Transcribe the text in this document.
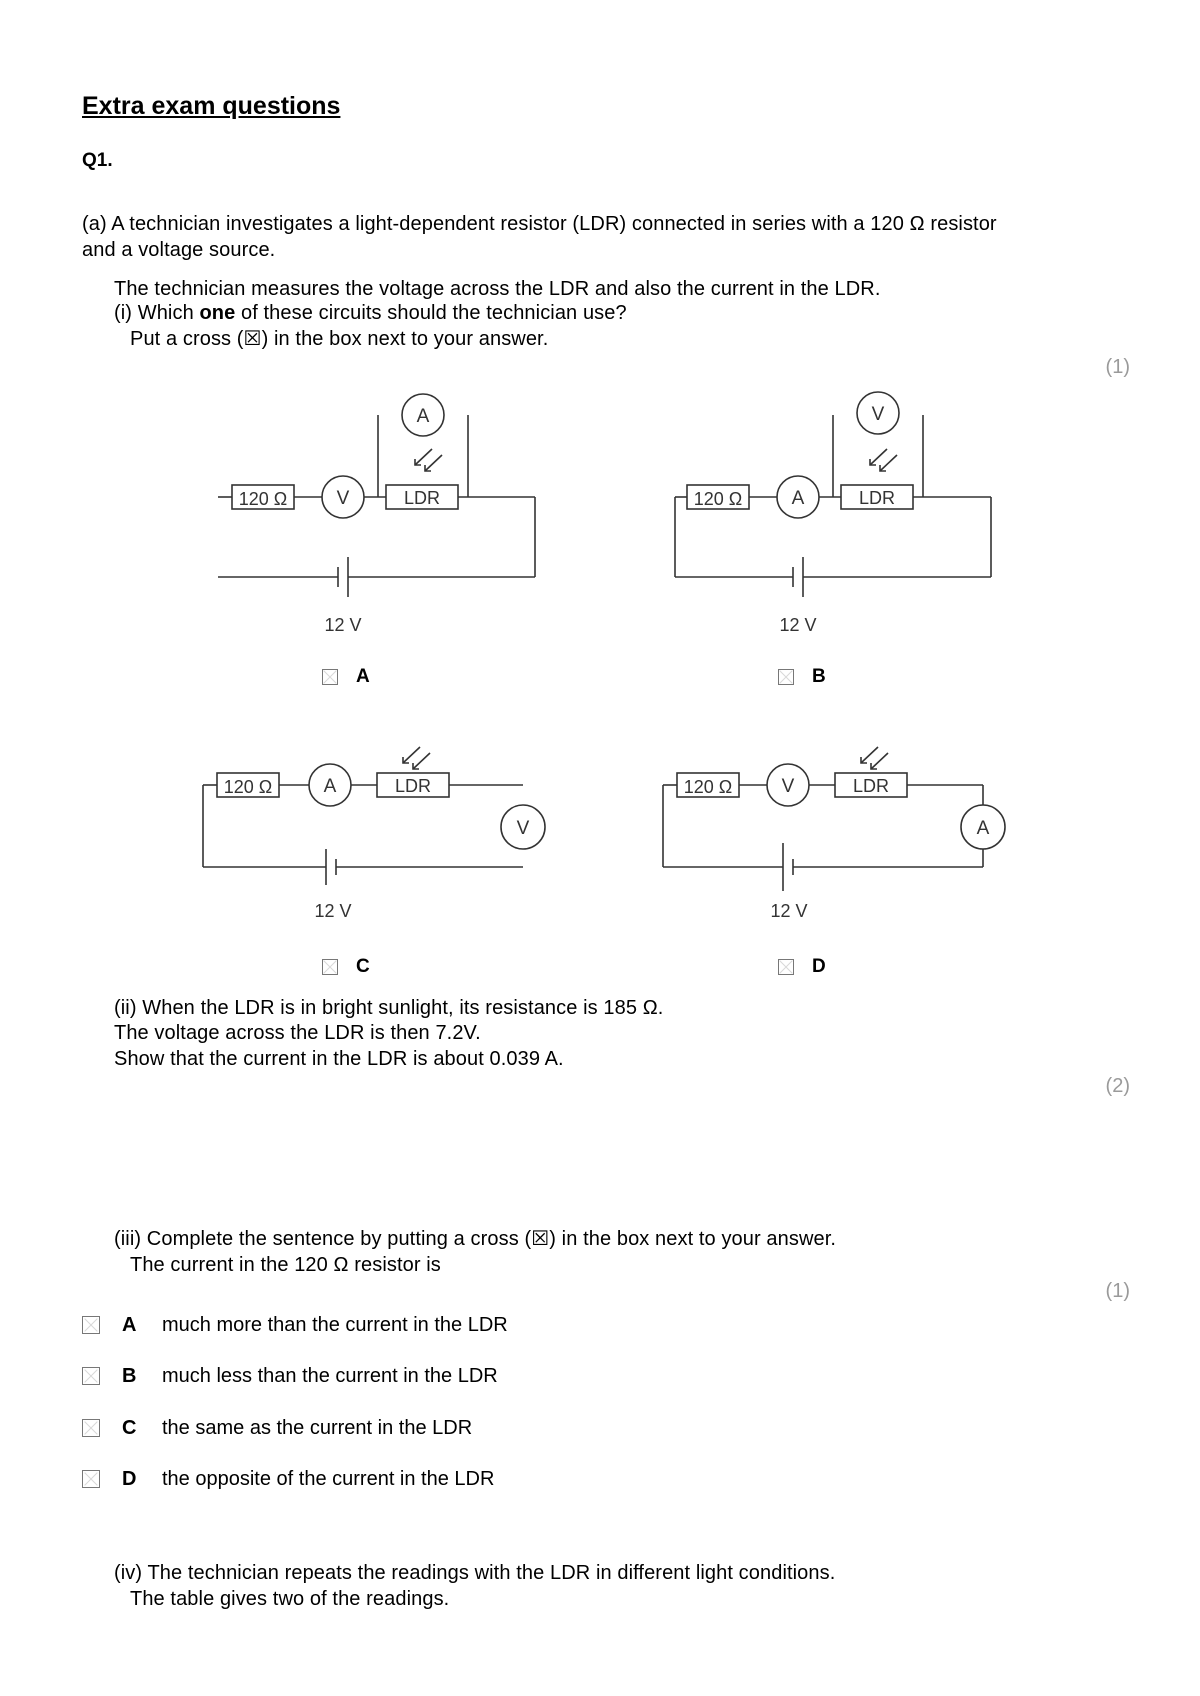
Extra exam questions
Q1.
(a) A technician investigates a light-dependent resistor (LDR) connected in series with a 120 Ω resistor
and a voltage source.
The technician measures the voltage across the LDR and also the current in the LDR.
(i) Which one of these circuits should the technician use?
Put a cross (☒) in the box next to your answer.
(1)
120 Ω	V	LDR
A
12 V
A
120 Ω	A	LDR
V
12 V
B
120 Ω	A	LDR
V
12 V
C
120 Ω	V	LDR
A
12 V
D
(ii) When the LDR is in bright sunlight, its resistance is 185 Ω.
The voltage across the LDR is then 7.2V.
Show that the current in the LDR is about 0.039 A.
(2)
(iii) Complete the sentence by putting a cross (☒) in the box next to your answer.
The current in the 120 Ω resistor is
(1)
A much more than the current in the LDR
B much less than the current in the LDR
C the same as the current in the LDR
D the opposite of the current in the LDR
(iv) The technician repeats the readings with the LDR in different light conditions.
The table gives two of the readings.
